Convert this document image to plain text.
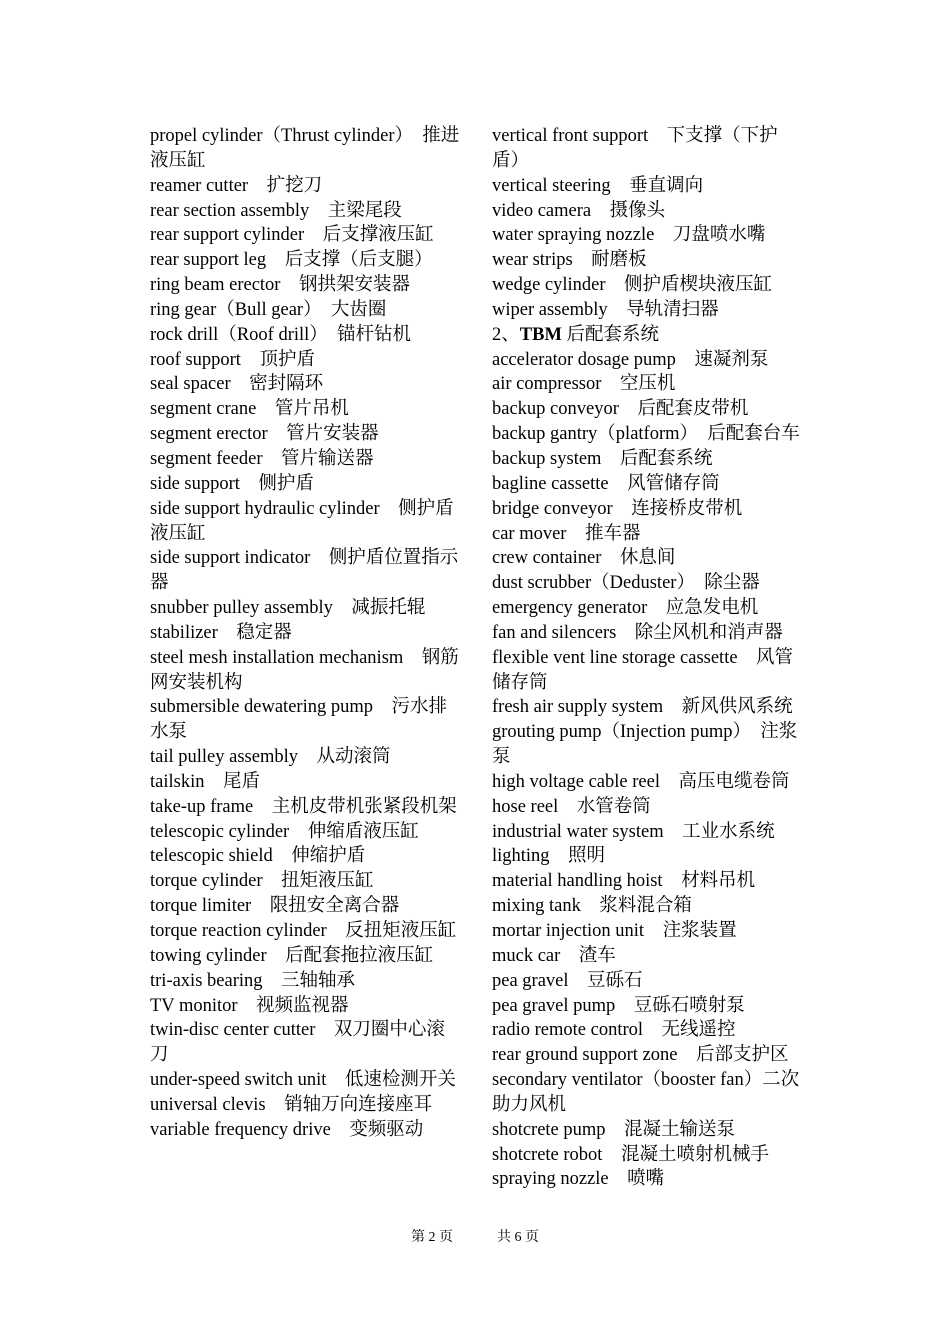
propel cylinder（Thrust cylinder）　推进液压缸

reamer cutter　扩挖刀

rear section assembly　主梁尾段

rear support cylinder　后支撑液压缸

rear support leg　后支撑（后支腿）

ring beam erector　钢拱架安装器

ring gear（Bull gear）　大齿圈

rock drill（Roof drill）　锚杆钻机

roof support　顶护盾

seal spacer　密封隔环

segment crane　管片吊机

segment erector　管片安装器

segment feeder　管片输送器

side support　侧护盾

side support hydraulic cylinder　侧护盾液压缸

side support indicator　侧护盾位置指示器

snubber pulley assembly　减振托辊

stabilizer　稳定器

steel mesh installation mechanism　钢筋网安装机构

submersible dewatering pump　污水排水泵

tail pulley assembly　从动滚筒

tailskin　尾盾

take-up frame　主机皮带机张紧段机架

telescopic cylinder　伸缩盾液压缸

telescopic shield　伸缩护盾

torque cylinder　扭矩液压缸

torque limiter　限扭安全离合器

torque reaction cylinder　反扭矩液压缸

towing cylinder　后配套拖拉液压缸

tri-axis bearing　三轴轴承

TV monitor　视频监视器

twin-disc center cutter　双刀圈中心滚刀

under-speed switch unit　低速检测开关

universal clevis　销轴万向连接座耳

variable frequency drive　变频驱动

vertical front support　下支撑（下护盾）

vertical steering　垂直调向

video camera　摄像头

water spraying nozzle　刀盘喷水嘴

wear strips　耐磨板

wedge cylinder　侧护盾楔块液压缸

wiper assembly　导轨清扫器

2、TBM 后配套系统

accelerator dosage pump　速凝剂泵

air compressor　空压机

backup conveyor　后配套皮带机

backup gantry（platform）　后配套台车

backup system　后配套系统

bagline cassette　风管储存筒

bridge conveyor　连接桥皮带机

car mover　推车器

crew container　休息间

dust scrubber（Deduster）　除尘器

emergency generator　应急发电机

fan and silencers　除尘风机和消声器

flexible vent line storage cassette　风管储存筒

fresh air supply system　新风供风系统

grouting pump（Injection pump）　注浆泵

high voltage cable reel　高压电缆卷筒

hose reel　水管卷筒

industrial water system　工业水系统

lighting　照明

material handling hoist　材料吊机

mixing tank　浆料混合箱

mortar injection unit　注浆装置

muck car　渣车

pea gravel　豆砾石

pea gravel pump　豆砾石喷射泵

radio remote control　无线遥控

rear ground support zone　后部支护区

secondary ventilator（booster fan）二次助力风机

shotcrete pump　混凝土输送泵

shotcrete robot　混凝土喷射机械手

spraying nozzle　喷嘴

第 2 页	共 6 页
